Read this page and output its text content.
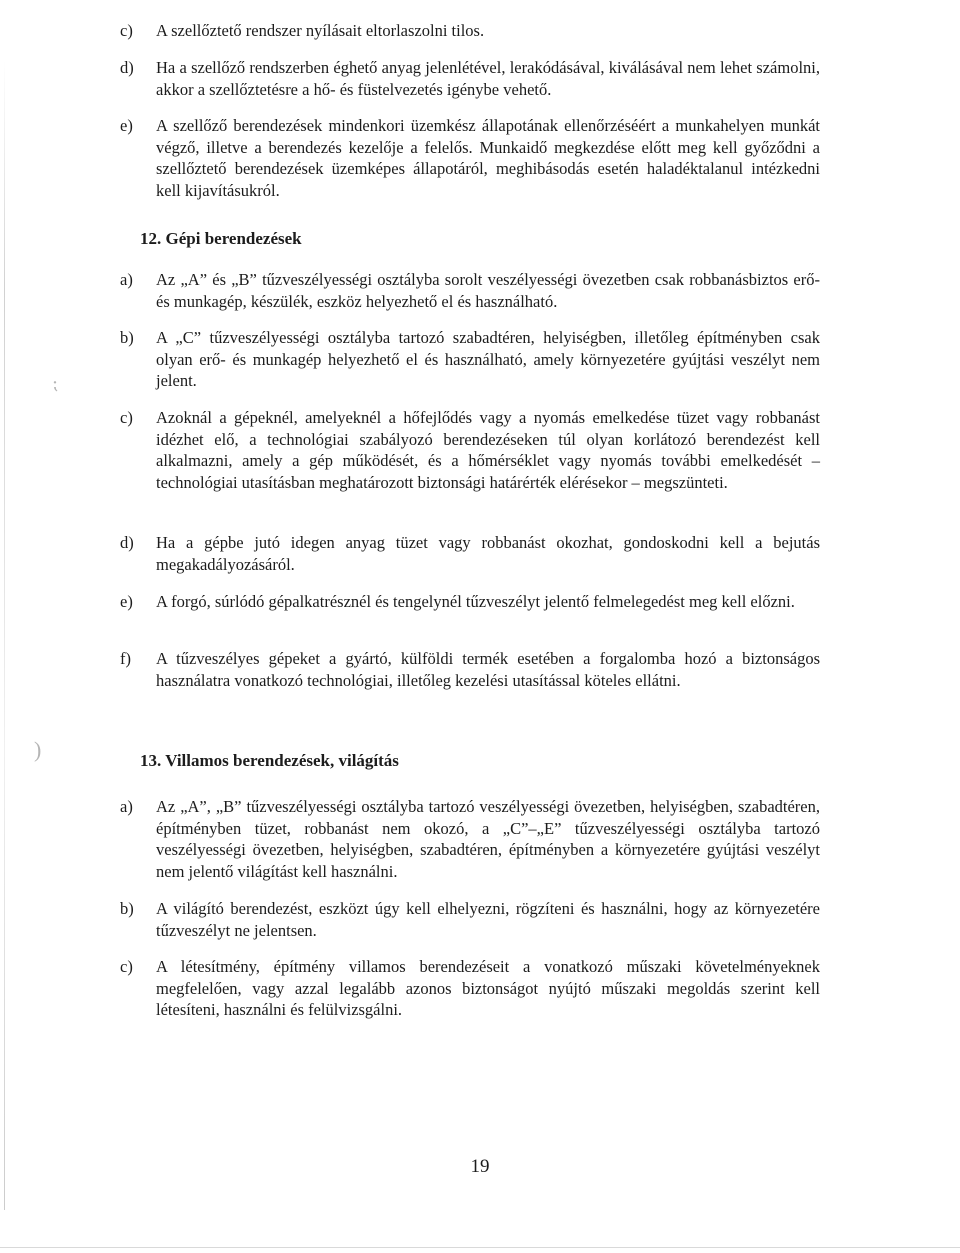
⁏
)
c)	A szellőztető rendszer nyílásait eltorlaszolni tilos.
d)	Ha a szellőző rendszerben éghető anyag jelenlétével, lerakódásával, kiválásával nem lehet számolni, akkor a szellőztetésre a hő- és füstelvezetés igénybe vehető.
e)	A szellőző berendezések mindenkori üzemkész állapotának ellenőrzéséért a munkahelyen munkát végző, illetve a berendezés kezelője a felelős. Munkaidő megkezdése előtt meg kell győződni a szellőztető berendezések üzemképes állapotáról, meghibásodás esetén haladéktalanul intézkedni kell kijavításukról.
12. Gépi berendezések
a)	Az „A” és „B” tűzveszélyességi osztályba sorolt veszélyességi övezetben csak robbanásbiztos erő- és munkagép, készülék, eszköz helyezhető el és használható.
b)	A „C” tűzveszélyességi osztályba tartozó szabadtéren, helyiségben, illetőleg építményben csak olyan erő- és munkagép helyezhető el és használható, amely környezetére gyújtási veszélyt nem jelent.
c)	Azoknál a gépeknél, amelyeknél a hőfejlődés vagy a nyomás emelkedése tüzet vagy robbanást idézhet elő, a technológiai szabályozó berendezéseken túl olyan korlátozó berendezést kell alkalmazni, amely a gép működését, és a hőmérséklet vagy nyomás további emelkedését – technológiai utasításban meghatározott biztonsági határérték elérésekor – megszünteti.
d)	Ha a gépbe jutó idegen anyag tüzet vagy robbanást okozhat, gondoskodni kell a bejutás megakadályozásáról.
e)	A forgó, súrlódó gépalkatrésznél és tengelynél tűzveszélyt jelentő felmelegedést meg kell előzni.
f)	A tűzveszélyes gépeket a gyártó, külföldi termék esetében a forgalomba hozó a biztonságos használatra vonatkozó technológiai, illetőleg kezelési utasítással köteles ellátni.
13. Villamos berendezések, világítás
a)	Az „A”, „B” tűzveszélyességi osztályba tartozó veszélyességi övezetben, helyiségben, szabadtéren, építményben tüzet, robbanást nem okozó, a „C”–„E” tűzveszélyességi osztályba tartozó veszélyességi övezetben, helyiségben, szabadtéren, építményben a környezetére gyújtási veszélyt nem jelentő világítást kell használni.
b)	A világító berendezést, eszközt úgy kell elhelyezni, rögzíteni és használni, hogy az környezetére tűzveszélyt ne jelentsen.
c)	A létesítmény, építmény villamos berendezéseit a vonatkozó műszaki követelményeknek megfelelően, vagy azzal legalább azonos biztonságot nyújtó műszaki megoldás szerint kell létesíteni, használni és felülvizsgálni.
19
